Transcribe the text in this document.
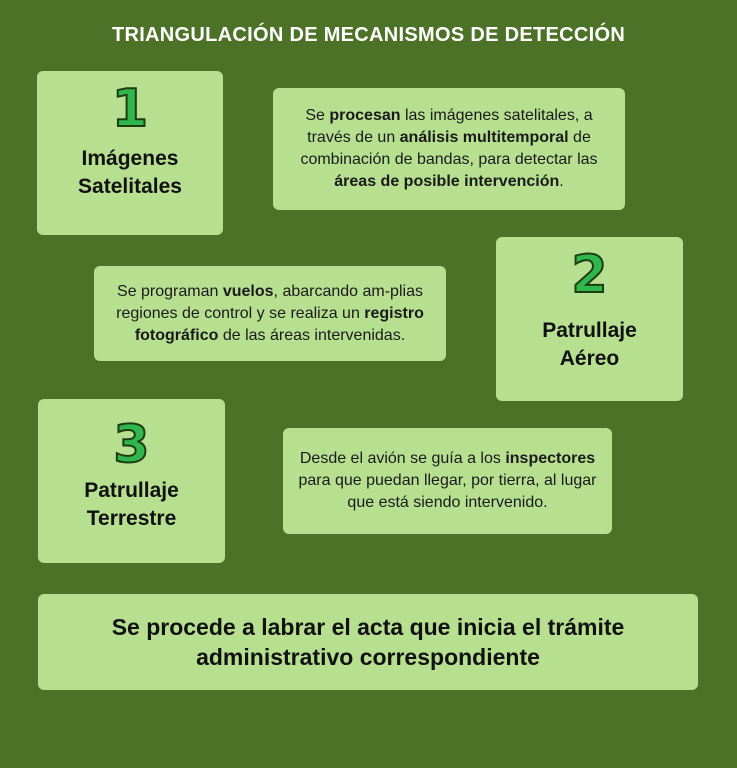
TRIANGULACIÓN DE MECANISMOS DE DETECCIÓN
1
Imágenes
Satelitales

Se procesan las imágenes satelitales, a través de un análisis multitemporal de combinación de bandas, para detectar las áreas de posible intervención.

Se programan vuelos, abarcando am-plias regiones de control y se realiza un registro fotográfico de las áreas intervenidas.

2
Patrullaje
Aéreo
3
Patrullaje
Terrestre

Desde el avión se guía a los inspectores para que puedan llegar, por tierra, al lugar que está siendo intervenido.

Se procede a labrar el acta que inicia el trámite administrativo correspondiente
